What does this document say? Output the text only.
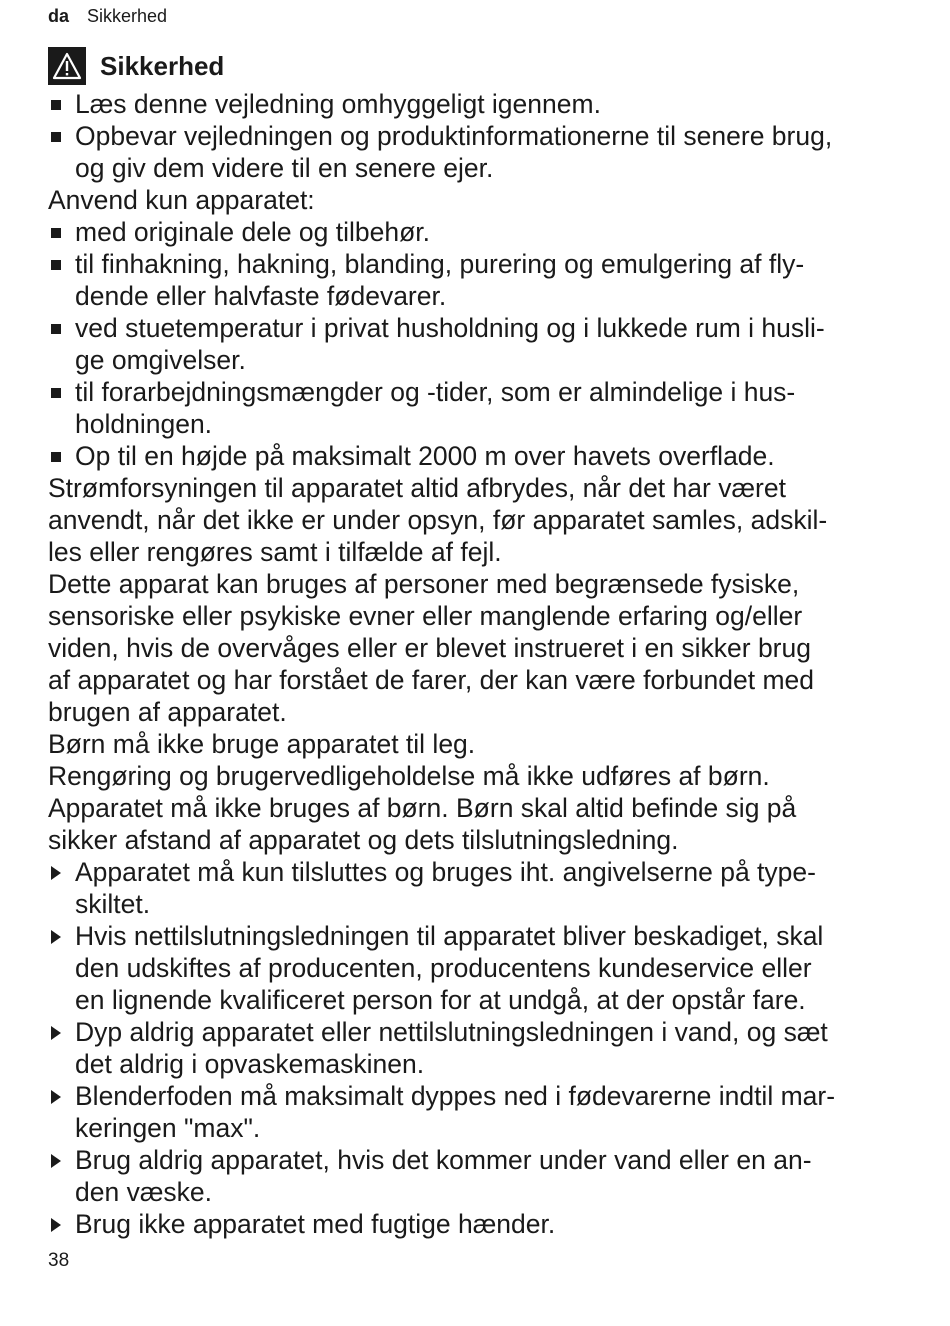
da Sikkerhed
Sikkerhed
Læs denne vejledning omhyggeligt igennem.
Opbevar vejledningen og produktinformationerne til senere brug,
og giv dem videre til en senere ejer.
Anvend kun apparatet:
med originale dele og tilbehør.
til finhakning, hakning, blanding, purering og emulgering af fly-
dende eller halvfaste fødevarer.
ved stuetemperatur i privat husholdning og i lukkede rum i husli-
ge omgivelser.
til forarbejdningsmængder og -tider, som er almindelige i hus-
holdningen.
Op til en højde på maksimalt 2000 m over havets overflade.
Strømforsyningen til apparatet altid afbrydes, når det har været
anvendt, når det ikke er under opsyn, før apparatet samles, adskil-
les eller rengøres samt i tilfælde af fejl.
Dette apparat kan bruges af personer med begrænsede fysiske,
sensoriske eller psykiske evner eller manglende erfaring og/eller
viden, hvis de overvåges eller er blevet instrueret i en sikker brug
af apparatet og har forstået de farer, der kan være forbundet med
brugen af apparatet.
Børn må ikke bruge apparatet til leg.
Rengøring og brugervedligeholdelse må ikke udføres af børn.
Apparatet må ikke bruges af børn. Børn skal altid befinde sig på
sikker afstand af apparatet og dets tilslutningsledning.
Apparatet må kun tilsluttes og bruges iht. angivelserne på type-
skiltet.
Hvis nettilslutningsledningen til apparatet bliver beskadiget, skal
den udskiftes af producenten, producentens kundeservice eller
en lignende kvalificeret person for at undgå, at der opstår fare.
Dyp aldrig apparatet eller nettilslutningsledningen i vand, og sæt
det aldrig i opvaskemaskinen.
Blenderfoden må maksimalt dyppes ned i fødevarerne indtil mar-
keringen "max".
Brug aldrig apparatet, hvis det kommer under vand eller en an-
den væske.
Brug ikke apparatet med fugtige hænder.
38
